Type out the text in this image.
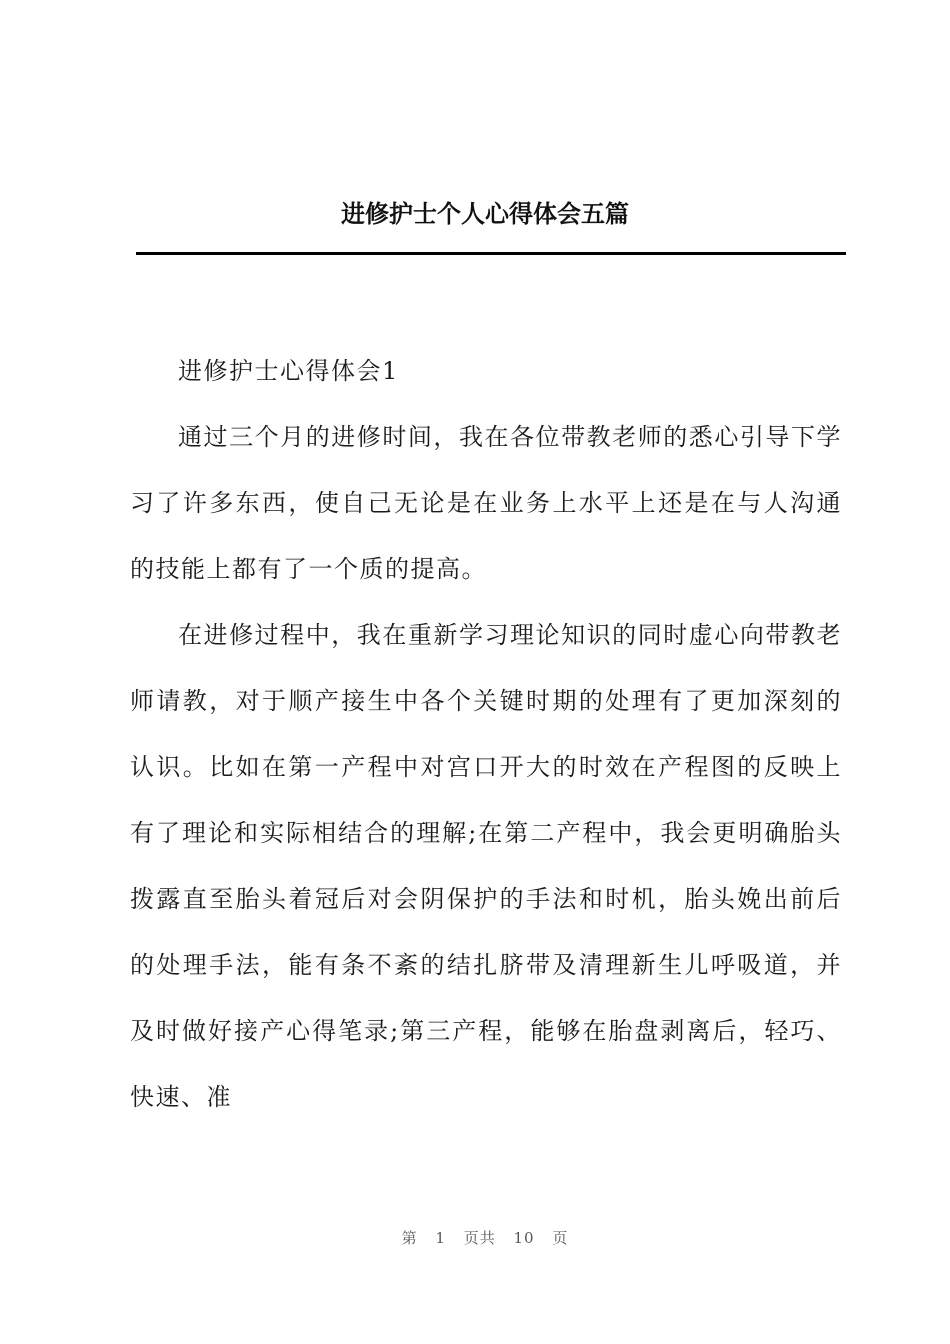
进修护士个人心得体会五篇

进修护士心得体会1

通过三个月的进修时间，我在各位带教老师的悉心引导下学习了许多东西，使自己无论是在业务上水平上还是在与人沟通的技能上都有了一个质的提高。

在进修过程中，我在重新学习理论知识的同时虚心向带教老师请教，对于顺产接生中各个关键时期的处理有了更加深刻的认识。比如在第一产程中对宫口开大的时效在产程图的反映上有了理论和实际相结合的理解;在第二产程中，我会更明确胎头拨露直至胎头着冠后对会阴保护的手法和时机，胎头娩出前后的处理手法，能有条不紊的结扎脐带及清理新生儿呼吸道，并及时做好接产心得笔录;第三产程，能够在胎盘剥离后，轻巧、快速、准

第 1 页共 10 页
